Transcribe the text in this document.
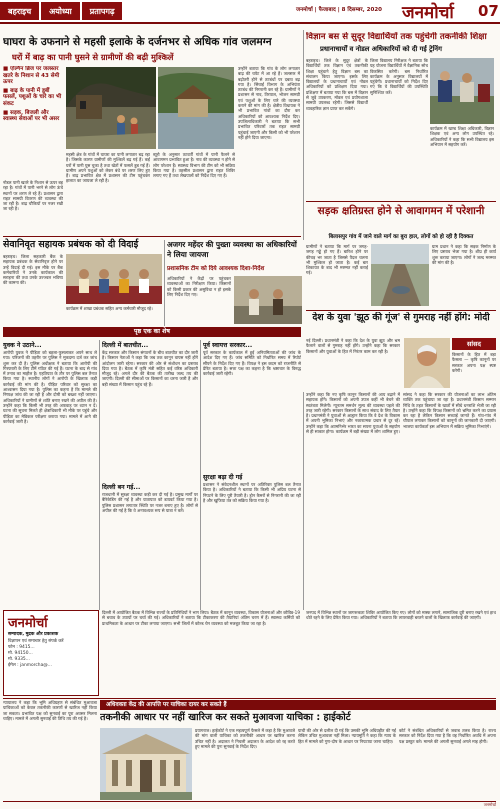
बहराइच	अयोध्या	प्रतापगढ़	जनमोर्चा | फैजाबाद | 8 दिसम्बर, 2020 जनमोर्चा 07
घाघरा के उफनाने से महसी इलाके के दर्जनभर से अधिक गांव जलमग्न
घरों में बाढ़ का पानी घुसने से ग्रामीणों की बढ़ी मुश्किलें
■ एल्गिन ब्रिज पर जलस्तर खतरे के निशान से 43 सेमी ऊपर
■ बाढ़ के पानी में डूबीं फसलें, पशुओं के चारे का भी संकट
■ सड़क, बिजली और स्वास्थ्य सेवाओं पर भी असर
नोडल पानी खतरे के निशान से ऊपर बह रहा है। गांवों में पानी भरने से लोग ऊंचे स्थानों पर शरण ले रहे हैं। प्रशासन द्वारा राहत सामग्री वितरण की व्यवस्था की जा रही है। बाढ़ चौकियों पर नजर रखी जा रही है।
महसी क्षेत्र के गांवों में घाघरा का पानी लगातार बढ़ रहा है। जिसके कारण ग्रामीणों की मुश्किलें बढ़ गई हैं। कई घरों में पानी घुस चुका है तथा खेतों में फसलें डूब गई हैं। ग्रामीण अपने पशुओं को लेकर बंधे पर शरण लिए हुए हैं। बाढ़ प्रभावित क्षेत्र में प्रशासन की टीम पहुंचकर हालात का जायजा ले रही है।
ब्यूरो के अनुसार तटवर्ती गांवों में पानी फैलने से आवागमन प्रभावित हुआ है। नाव की व्यवस्था न होने से लोग परेशान हैं। स्वास्थ्य विभाग की टीम को भी सक्रिय किया गया है। तहसील प्रशासन द्वारा राहत शिविर लगाए गए हैं तथा लेखपालों को निर्देश दिए गए हैं।
उन्होंने बताया कि गांव के लोग लगातार बाढ़ की चपेट में आ रहे हैं। जलस्तर में बढ़ोतरी होने से तटबंधों पर दबाव बढ़ गया है। सिंचाई विभाग के अभियंता तटबंध की निगरानी कर रहे हैं। ग्रामीणों ने प्रशासन से नाव, तिरपाल, भोजन सामग्री एवं पशुओं के लिए चारे की व्यवस्था कराने की मांग की है। क्षेत्रीय विधायक ने भी प्रभावित गांवों का दौरा कर अधिकारियों को आवश्यक निर्देश दिए। उपजिलाधिकारी ने बताया कि सभी प्रभावित परिवारों तक राहत सामग्री पहुंचाई जाएगी और किसी को भी परेशान नहीं होने दिया जाएगा।
विज्ञान बस से सुदूर विद्यार्थियों तक पहुंचेगी तकनीकी शिक्षा
प्रधानाचार्यों व नोडल अधिकारियों को दी गई ट्रेनिंग
बहराइच। जिले के सुदूर क्षेत्रों के विद्यार्थियों तक विज्ञान एवं तकनीकी शिक्षा पहुंचाने हेतु विज्ञान बस का संचालन किया जाएगा। इसके लिए विद्यालयों के प्रधानाचार्यों एवं नोडल अधिकारियों को प्रशिक्षण दिया गया। प्रशिक्षण में बताया गया कि बस में विज्ञान से जुड़े उपकरण, मॉडल एवं प्रयोगशाला सामग्री उपलब्ध रहेगी। जिससे विद्यार्थी व्यवहारिक ज्ञान प्राप्त कर सकेंगे।
जिला विद्यालय निरीक्षक ने बताया कि यह योजना विद्यार्थियों में वैज्ञानिक सोच विकसित करेगी। बस निर्धारित कार्यक्रम के अनुसार विद्यालयों में पहुंचेगी। प्रधानाचार्यों को निर्देश दिए गए कि वे विद्यार्थियों की उपस्थिति सुनिश्चित करें।
कार्यक्रम में खण्ड शिक्षा अधिकारी, विज्ञान शिक्षक एवं अन्य लोग उपस्थित रहे। अधिकारियों ने कहा कि सभी विद्यालय इस अभियान में सहयोग करें।
सड़क क्षतिग्रस्त होने से आवागमन में परेशानी
बिलासपुर गांव में जाने वाले मार्ग का बुरा हाल, लोगों को हो रही है दिक्कत
ग्रामीणों ने बताया कि मार्ग पर जगह-जगह गड्ढे हो गए हैं। बारिश होने पर कीचड़ भर जाता है जिससे पैदल चलना भी मुश्किल हो जाता है। कई बार शिकायत के बाद भी मरम्मत नहीं कराई गई।
ग्राम प्रधान ने कहा कि सड़क निर्माण के लिए प्रस्ताव भेजा गया है। शीघ्र ही कार्य शुरू कराया जाएगा। लोगों ने जल्द मरम्मत की मांग की है।
देश के युवा 'झूठ की गूंज' से गुमराह नहीं होंगे: मोदी
नई दिल्ली। प्रधानमंत्री ने कहा कि देश के युवा झूठ और भ्रम फैलाने वालों से गुमराह नहीं होंगे। उन्होंने कहा कि सरकार किसानों और युवाओं के हित में निरंतर काम कर रही है।
सांसद
किसानों के हित में बड़ा फैसला — कृषि कानूनों पर सरकार अपना पक्ष स्पष्ट करेगी।
सेवानिवृत सहायक प्रबंधक को दी विदाई
बहराइच। जिला सहकारी बैंक के सहायक प्रबंधक के सेवानिवृत्त होने पर उन्हें विदाई दी गई। इस मौके पर बैंक कर्मचारियों ने उनके कार्यकाल की सराहना की तथा उनके उज्ज्वल भविष्य की कामना की।
कार्यक्रम में शाखा प्रबंधक सहित अन्य कर्मचारी मौजूद रहे।
अजगर महेंदर की पुख्ता व्यवस्था का अधिकारियों ने लिया जायजा
प्रशासनिक टीम को दिये आवश्यक दिशा-निर्देश
अधिकारियों ने केंद्रों पर पहुंचकर व्यवस्थाओं का निरीक्षण किया। किसानों को किसी प्रकार की असुविधा न हो इसके लिए निर्देश दिए गए।
पृष्ठ एक का शेष
युवक ने उठाने...
आरोपी युवक ने पीड़िता को बहला-फुसलाकर अपने साथ ले गया। परिजनों की तहरीर पर पुलिस ने मुकदमा दर्ज कर जांच शुरू कर दी है। पुलिस अधीक्षक ने बताया कि आरोपी की गिरफ्तारी के लिए टीमें गठित की गई हैं। घटना के बाद से गांव में तनाव का माहौल है। एहतियात के तौर पर पुलिस बल तैनात किया गया है। स्थानीय लोगों ने आरोपी के खिलाफ कड़ी कार्रवाई की मांग की है। पीड़ित परिवार को सुरक्षा का आश्वासन दिया गया है। पुलिस का कहना है कि मामले की निष्पक्ष जांच की जा रही है और दोषी को बख्शा नहीं जाएगा। अधिकारियों ने ग्रामीणों से शांति बनाए रखने की अपील की है। उन्होंने कहा कि किसी भी तरह की अफवाह पर ध्यान न दें। घटना की सूचना मिलते ही क्षेत्राधिकारी भी मौके पर पहुंचे और पीड़िता का मेडिकल परीक्षण कराया गया। मामले में आगे की कार्रवाई जारी है।
दिल्ली में बातचीत...
केंद्र सरकार और किसान संगठनों के बीच बातचीत का दौर जारी है। किसान नेताओं ने कहा कि जब तक कानून वापस नहीं होंगे आंदोलन जारी रहेगा। सरकार की ओर से संशोधन का प्रस्ताव दिया गया है। बैठक में कृषि मंत्री सहित कई वरिष्ठ अधिकारी मौजूद रहे। अगले दौर की बैठक की तारीख जल्द तय की जाएगी। दिल्ली की सीमाओं पर किसानों का धरना जारी है और बड़ी संख्या में किसान पहुंच रहे हैं।
दिल्ली बन गई...
राजधानी में सुरक्षा व्यवस्था कड़ी कर दी गई है। प्रमुख मार्गों पर बैरिकेडिंग की गई है और यातायात को डायवर्ट किया गया है। पुलिस प्रशासन लगातार स्थिति पर नजर बनाए हुए है। लोगों से अपील की गई है कि वे अनावश्यक रूप से यात्रा न करें।
पूर्व स्वायत्त सरकार...
पूर्व सरकार के कार्यकाल में हुई अनियमितताओं की जांच के आदेश दिए गए हैं। जांच समिति को निर्धारित समय में रिपोर्ट सौंपने के निर्देश दिए गए हैं। विपक्ष ने इस कदम को राजनीति से प्रेरित बताया है। सत्ता पक्ष का कहना है कि भ्रष्टाचार के विरुद्ध कार्रवाई जारी रहेगी।
सुरक्षा बढ़ा दी गई
प्रशासन ने संवेदनशील स्थानों पर अतिरिक्त पुलिस बल तैनात किया है। अधिकारियों ने बताया कि किसी भी अप्रिय घटना से निपटने के लिए पूरी तैयारी है। ड्रोन कैमरों से निगरानी की जा रही है और खुफिया तंत्र को सक्रिय किया गया है।
उन्होंने कहा कि नए कृषि कानून किसानों की आय बढ़ाने में सहायक होंगे। किसानों को अपनी उपज कहीं भी बेचने की स्वतंत्रता मिलेगी। न्यूनतम समर्थन मूल्य की व्यवस्था पहले की तरह जारी रहेगी। सरकार किसानों के साथ संवाद के लिए तैयार है। प्रधानमंत्री ने युवाओं से आह्वान किया कि वे देश के विकास में अपनी भूमिका निभाएं और नकारात्मक प्रचार से दूर रहें। उन्होंने कहा कि आत्मनिर्भर भारत का सपना युवाओं के सहयोग से ही साकार होगा। कार्यक्रम में बड़ी संख्या में लोग शामिल हुए।
सांसद ने कहा कि सरकार की योजनाओं का लाभ अंतिम व्यक्ति तक पहुंचाया जा रहा है। प्रधानमंत्री किसान सम्मान निधि के तहत किसानों के खातों में सीधे धनराशि भेजी जा रही है। उन्होंने कहा कि विपक्ष किसानों को भ्रमित करने का प्रयास कर रहा है लेकिन किसान सच्चाई जानते हैं। गांव-गांव में चौपाल लगाकर किसानों को कानूनों की जानकारी दी जाएगी। भाजपा कार्यकर्ता इस अभियान में सक्रिय भूमिका निभाएंगे।
जनमोर्चा
सम्पादक, मुद्रक और प्रकाशक
विज्ञापन एवं समाचार हेतु संपर्क करें
फोन : 9415...
मो. 94150...
मो. 9335...
ईमेल : janmorcha@...
दिल्ली में आयोजित बैठक में विभिन्न राज्यों के प्रतिनिधियों ने भाग लिया। बैठक में कानून व्यवस्था, विकास योजनाओं और कोविड-19 से बचाव के उपायों पर चर्चा की गई। अधिकारियों ने बताया कि टीकाकरण की तैयारियां अंतिम चरण में हैं। स्वास्थ्य कर्मियों को प्राथमिकता के आधार पर टीका लगाया जाएगा। सभी जिलों में कोल्ड चेन व्यवस्था को मजबूत किया जा रहा है।
जनपद में विभिन्न स्थानों पर जागरूकता शिविर आयोजित किए गए। लोगों को मास्क लगाने, सामाजिक दूरी बनाए रखने एवं हाथ धोते रहने के लिए प्रेरित किया गया। अधिकारियों ने बताया कि लापरवाही बरतने वालों के खिलाफ कार्रवाई की जाएगी।
अधिवक्ता केंद्र की आपत्ति पर याचिका दायर कर सकते हैं
तकनीकी आधार पर नहीं खारिज कर सकते मुआवजा याचिका : हाईकोर्ट
न्यायालय ने कहा कि भूमि अधिग्रहण से संबंधित मुआवजा याचिकाओं को केवल तकनीकी कारणों से खारिज नहीं किया जा सकता। प्रभावित पक्ष को सुनवाई का पूरा अवसर मिलना चाहिए। मामले में अगली सुनवाई की तिथि तय की गई है।
प्रयागराज। हाईकोर्ट ने एक महत्वपूर्ण फैसले में कहा है कि मुआवजे की मांग वाली याचिका को तकनीकी आधार पर खारिज करना उचित नहीं है। अदालत ने निचली अदालत के आदेश को रद्द करते हुए मामले की पुनः सुनवाई के निर्देश दिए।
याची की ओर से दलील दी गई कि उसकी भूमि अधिग्रहीत की गई लेकिन उचित मुआवजा नहीं मिला। न्यायमूर्ति ने कहा कि न्याय के हित में मामले को गुण-दोष के आधार पर निपटाया जाना चाहिए।
कोर्ट ने संबंधित अधिकारियों से जवाब तलब किया है। राज्य सरकार को निर्देश दिया गया है कि वह निर्धारित अवधि में अपना पक्ष प्रस्तुत करे। मामले की अगली सुनवाई अगले माह होगी।
जनमोर्चा
